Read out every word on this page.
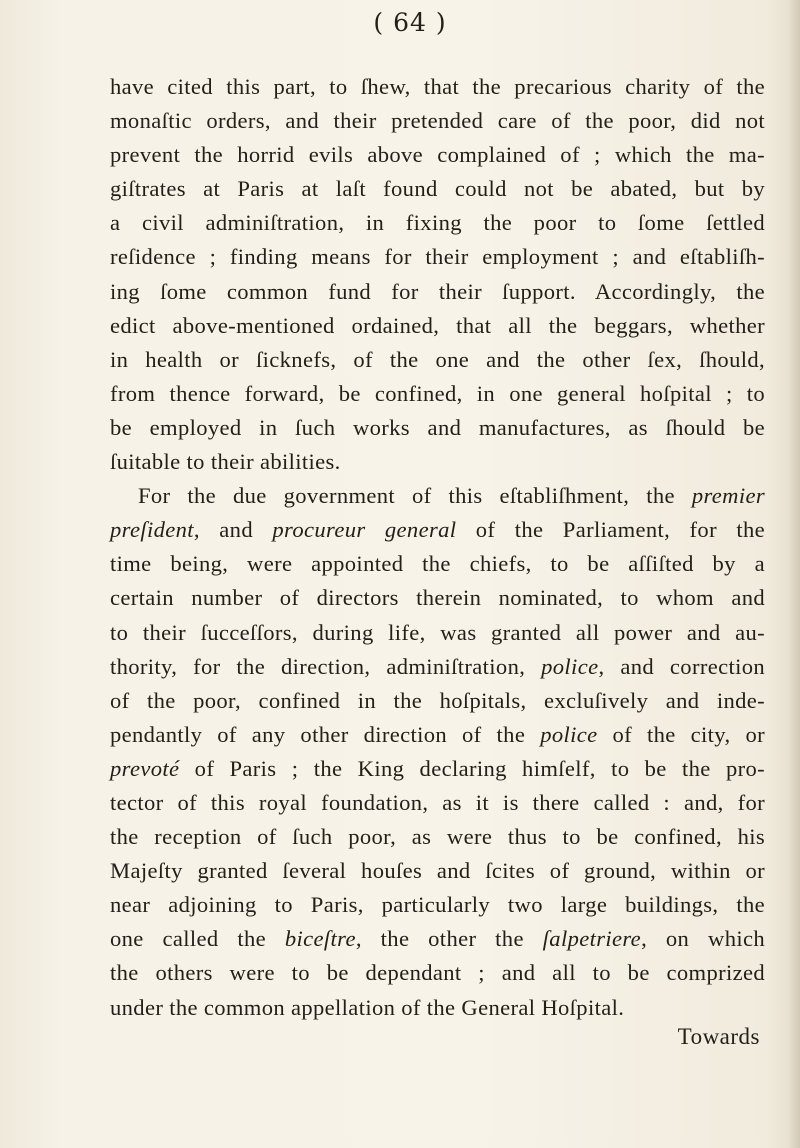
( 64 )
have cited this part, to ſhew, that the precarious charity of the
monaſtic orders, and their pretended care of the poor, did not
prevent the horrid evils above complained of ; which the ma-
giſtrates at Paris at laſt found could not be abated, but by
a civil adminiſtration, in fixing the poor to ſome ſettled
reſidence ; finding means for their employment ; and eſtabliſh-
ing ſome common fund for their ſupport. Accordingly, the
edict above-mentioned ordained, that all the beggars, whether
in health or ſicknefs, of the one and the other ſex, ſhould,
from thence forward, be confined, in one general hoſpital ; to
be employed in ſuch works and manufactures, as ſhould be
ſuitable to their abilities.
For the due government of this eſtabliſhment, the premier
preſident, and procureur general of the Parliament, for the
time being, were appointed the chiefs, to be aſſiſted by a
certain number of directors therein nominated, to whom and
to their ſucceſſors, during life, was granted all power and au-
thority, for the direction, adminiſtration, police, and correction
of the poor, confined in the hoſpitals, excluſively and inde-
pendantly of any other direction of the police of the city, or
prevoté of Paris ; the King declaring himſelf, to be the pro-
tector of this royal foundation, as it is there called : and, for
the reception of ſuch poor, as were thus to be confined, his
Majeſty granted ſeveral houſes and ſcites of ground, within or
near adjoining to Paris, particularly two large buildings, the
one called the biceſtre, the other the ſalpetriere, on which
the others were to be dependant ; and all to be comprized
under the common appellation of the General Hoſpital.
Towards
